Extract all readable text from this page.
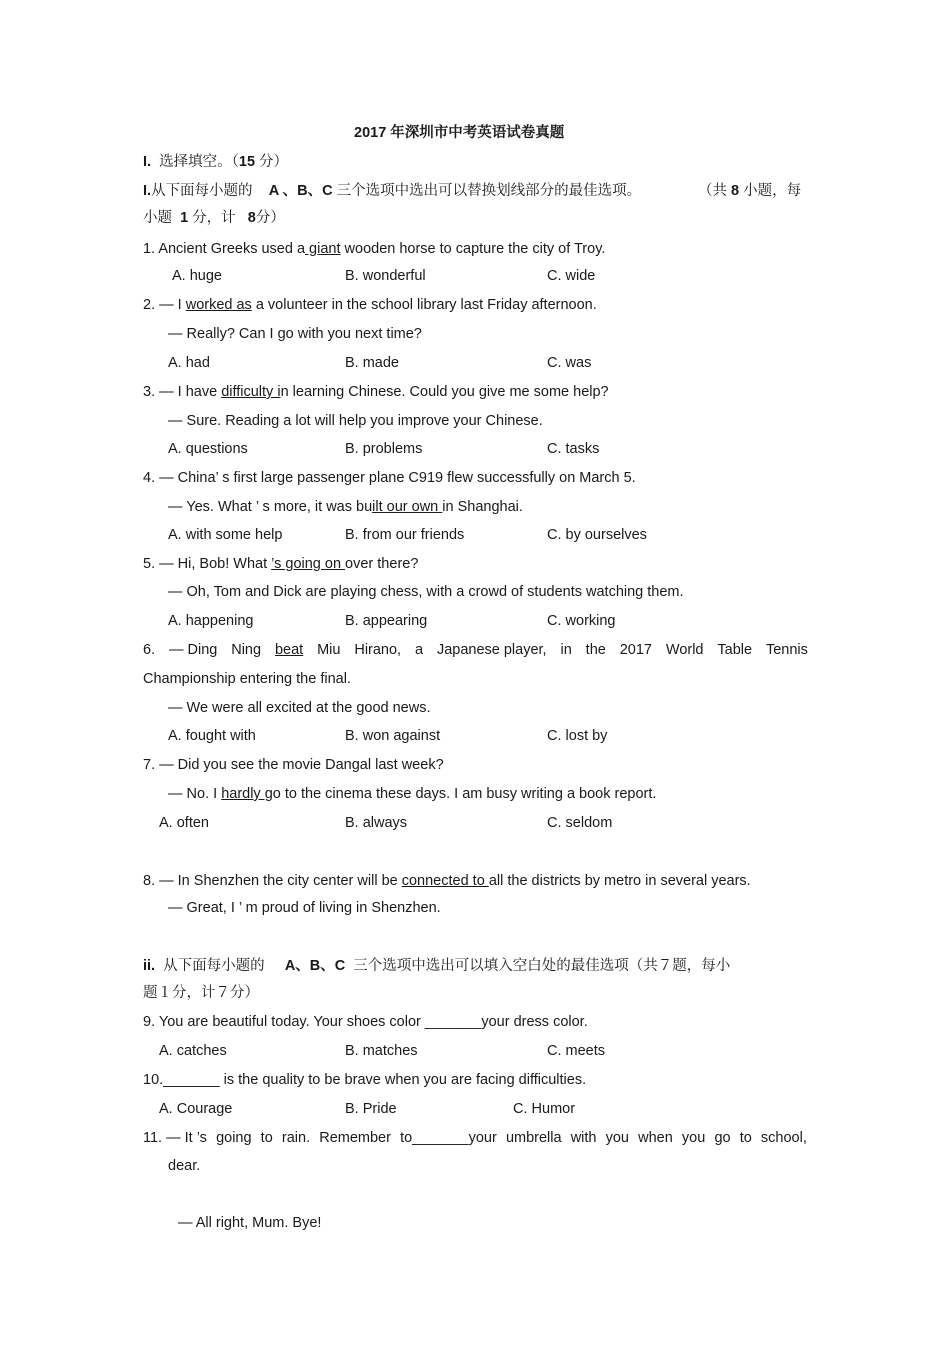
2017 年深圳市中考英语试卷真题
I. 选择填空。（15 分）
I.从下面每小题的 A 、B、C 三个选项中选出可以替换划线部分的最佳选项。	（共 8 小题，每
小题 1 分，计 8分）
1. Ancient Greeks used a giant wooden horse to capture the city of Troy.
A. huge	B. wonderful	C. wide
2. — I worked as a volunteer in the school library last Friday afternoon.
— Really? Can I go with you next time?
A. had	B. made	C. was
3. — I have difficulty in learning Chinese. Could you give me some help?
— Sure. Reading a lot will help you improve your Chinese.
A. questions	B. problems	C. tasks
4. — China’ s first large passenger plane C919 flew successfully on March 5.
— Yes. What ’ s more, it was built our own in Shanghai.
A. with some help	B. from our friends	C. by ourselves
5. — Hi, Bob! What ’s going on over there?
— Oh, Tom and Dick are playing chess, with a crowd of students watching them.
A. happening	B. appearing	C. working
6. — Ding Ning beat Miu Hirano, a Japanese player, in the 2017 World Table Tennis
Championship entering the final.
— We were all excited at the good news.
A. fought with	B. won against	C. lost by
7. — Did you see the movie Dangal last week?
— No. I hardly go to the cinema these days. I am busy writing a book report.
A. often	B. always	C. seldom
8. — In Shenzhen the city center will be connected to all the districts by metro in several years.
— Great, I ’ m proud of living in Shenzhen.
ii. 从下面每小题的 A、B、C 三个选项中选出可以填入空白处的最佳选项（共７题，每小
题１分，计７分）
9. You are beautiful today. Your shoes color _______your dress color.
A. catches	B. matches	C. meets
10._______ is the quality to be brave when you are facing difficulties.
A. Courage	B. Pride	C. Humor
11. — It ’s going to rain. Remember to_______your umbrella with you when you go to school,
dear.
— All right, Mum. Bye!
